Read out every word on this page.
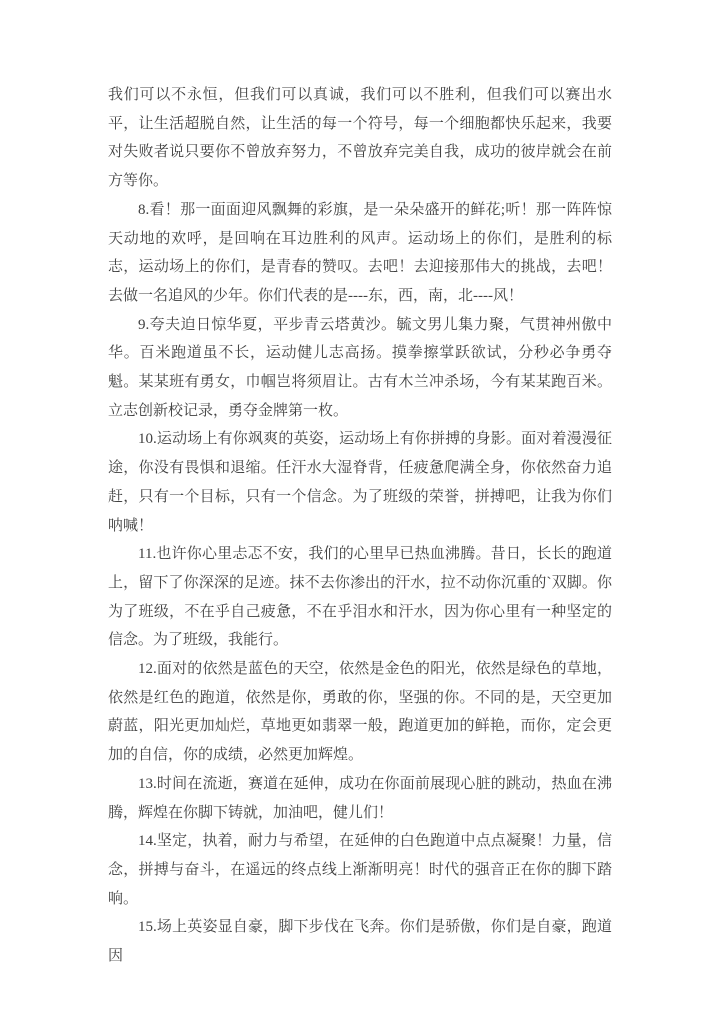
我们可以不永恒，但我们可以真诚，我们可以不胜利，但我们可以赛出水平，让生活超脱自然，让生活的每一个符号，每一个细胞都快乐起来，我要对失败者说只要你不曾放弃努力，不曾放弃完美自我，成功的彼岸就会在前方等你。

8.看！那一面面迎风飘舞的彩旗，是一朵朵盛开的鲜花;听！那一阵阵惊天动地的欢呼，是回响在耳边胜利的风声。运动场上的你们，是胜利的标志，运动场上的你们，是青春的赞叹。去吧！去迎接那伟大的挑战，去吧！去做一名追风的少年。你们代表的是----东，西，南，北----风！

9.夸夫迫日惊华夏，平步青云塔黄沙。毓文男儿集力聚，气贯神州傲中华。百米跑道虽不长，运动健儿志高扬。摸拳擦掌跃欲试，分秒必争勇夺魁。某某班有勇女，巾帼岂将须眉让。古有木兰冲杀场，今有某某跑百米。立志创新校记录，勇夺金牌第一枚。

10.运动场上有你飒爽的英姿，运动场上有你拼搏的身影。面对着漫漫征途，你没有畏惧和退缩。任汗水大湿脊背，任疲惫爬满全身，你依然奋力追赶，只有一个目标，只有一个信念。为了班级的荣誉，拼搏吧，让我为你们呐喊！

11.也许你心里忐忑不安，我们的心里早已热血沸腾。昔日，长长的跑道上，留下了你深深的足迹。抹不去你渗出的汗水，拉不动你沉重的`双脚。你为了班级，不在乎自己疲惫，不在乎泪水和汗水，因为你心里有一种坚定的信念。为了班级，我能行。

12.面对的依然是蓝色的天空，依然是金色的阳光，依然是绿色的草地，依然是红色的跑道，依然是你，勇敢的你，坚强的你。不同的是，天空更加蔚蓝，阳光更加灿烂，草地更如翡翠一般，跑道更加的鲜艳，而你，定会更加的自信，你的成绩，必然更加辉煌。

13.时间在流逝，赛道在延伸，成功在你面前展现心脏的跳动，热血在沸腾，辉煌在你脚下铸就，加油吧，健儿们！

14.坚定，执着，耐力与希望，在延伸的白色跑道中点点凝聚！力量，信念，拼搏与奋斗，在遥远的终点线上渐渐明亮！时代的强音正在你的脚下踏响。

15.场上英姿显自豪，脚下步伐在飞奔。你们是骄傲，你们是自豪，跑道因
